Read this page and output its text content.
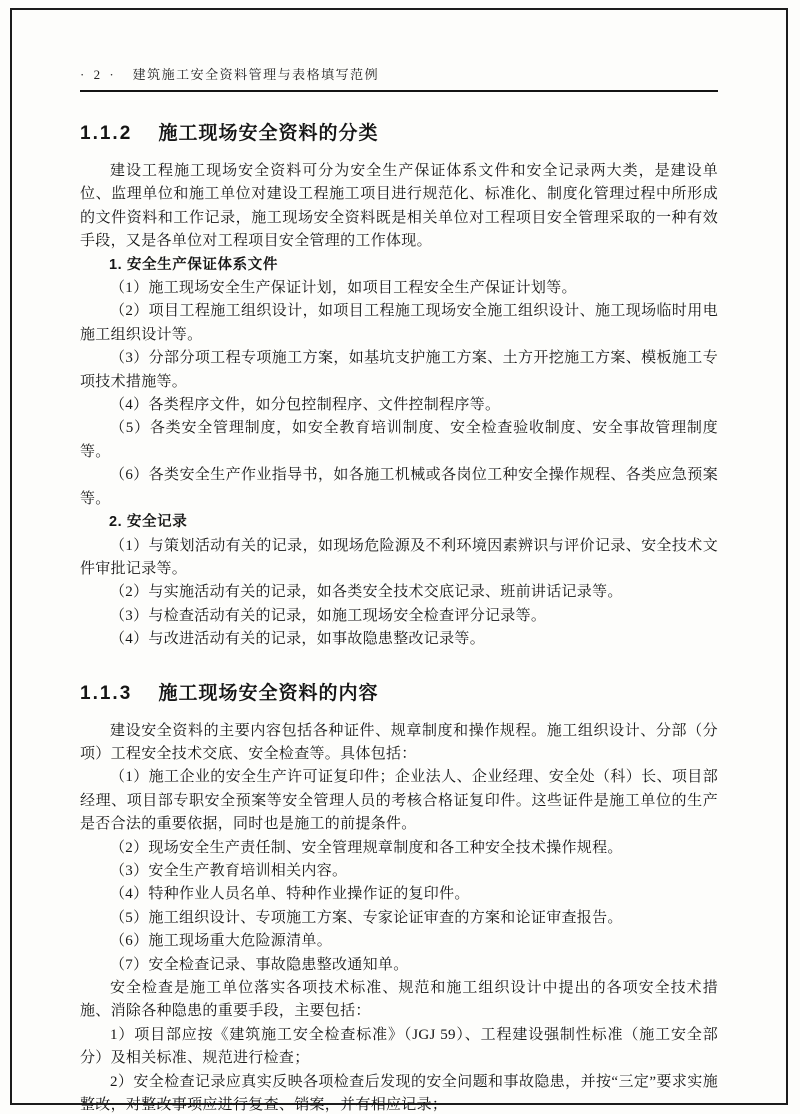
· 2 · 建筑施工安全资料管理与表格填写范例
1.1.2 施工现场安全资料的分类

建设工程施工现场安全资料可分为安全生产保证体系文件和安全记录两大类，是建设单位、监理单位和施工单位对建设工程施工项目进行规范化、标准化、制度化管理过程中所形成的文件资料和工作记录，施工现场安全资料既是相关单位对工程项目安全管理采取的一种有效手段，又是各单位对工程项目安全管理的工作体现。

1. 安全生产保证体系文件

（1）施工现场安全生产保证计划，如项目工程安全生产保证计划等。

（2）项目工程施工组织设计，如项目工程施工现场安全施工组织设计、施工现场临时用电施工组织设计等。

（3）分部分项工程专项施工方案，如基坑支护施工方案、土方开挖施工方案、模板施工专项技术措施等。

（4）各类程序文件，如分包控制程序、文件控制程序等。

（5）各类安全管理制度，如安全教育培训制度、安全检查验收制度、安全事故管理制度等。

（6）各类安全生产作业指导书，如各施工机械或各岗位工种安全操作规程、各类应急预案等。

2. 安全记录

（1）与策划活动有关的记录，如现场危险源及不利环境因素辨识与评价记录、安全技术文件审批记录等。

（2）与实施活动有关的记录，如各类安全技术交底记录、班前讲话记录等。

（3）与检查活动有关的记录，如施工现场安全检查评分记录等。

（4）与改进活动有关的记录，如事故隐患整改记录等。

1.1.3 施工现场安全资料的内容

建设安全资料的主要内容包括各种证件、规章制度和操作规程。施工组织设计、分部（分项）工程安全技术交底、安全检查等。具体包括：

（1）施工企业的安全生产许可证复印件；企业法人、企业经理、安全处（科）长、项目部经理、项目部专职安全预案等安全管理人员的考核合格证复印件。这些证件是施工单位的生产是否合法的重要依据，同时也是施工的前提条件。

（2）现场安全生产责任制、安全管理规章制度和各工种安全技术操作规程。

（3）安全生产教育培训相关内容。

（4）特种作业人员名单、特种作业操作证的复印件。

（5）施工组织设计、专项施工方案、专家论证审查的方案和论证审查报告。

（6）施工现场重大危险源清单。

（7）安全检查记录、事故隐患整改通知单。

安全检查是施工单位落实各项技术标准、规范和施工组织设计中提出的各项安全技术措施、消除各种隐患的重要手段，主要包括：

1）项目部应按《建筑施工安全检查标准》（JGJ 59）、工程建设强制性标准（施工安全部分）及相关标准、规范进行检查；

2）安全检查记录应真实反映各项检查后发现的安全问题和事故隐患，并按“三定”要求实施整改，对整改事项应进行复查、销案，并有相应记录；
